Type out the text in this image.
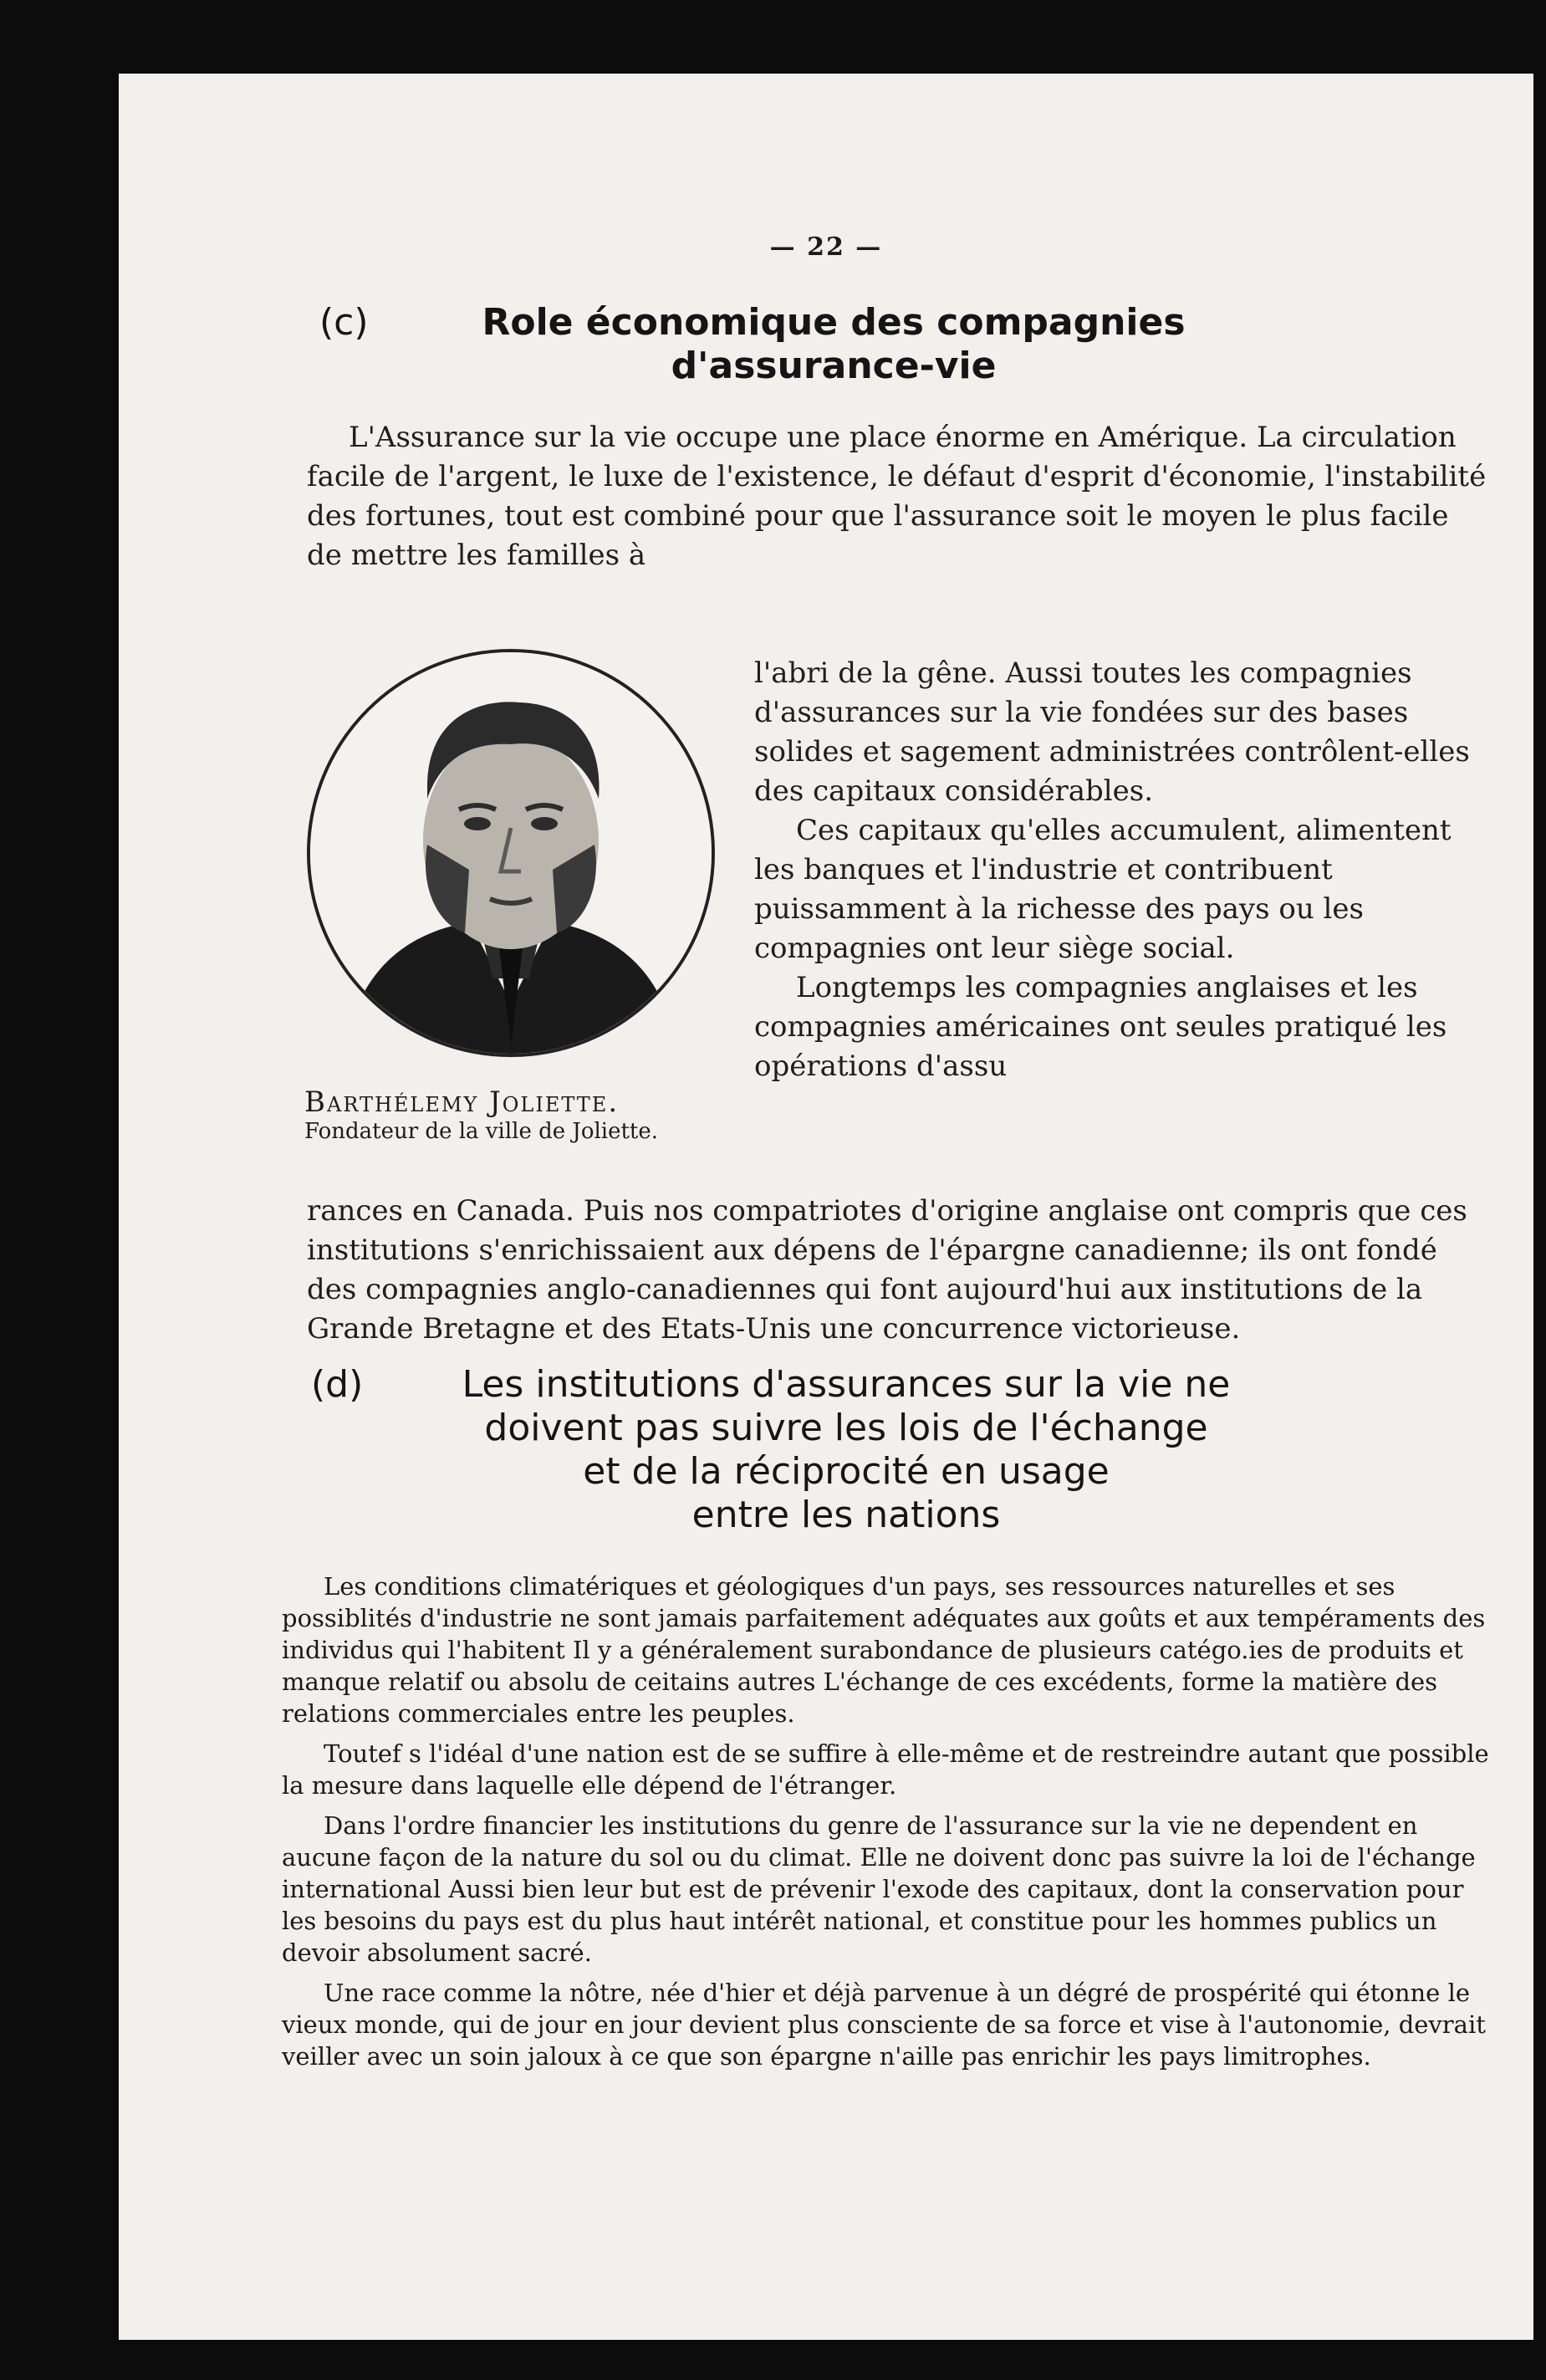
— 22 —
(c)	Role économique des compagnies
d'assurance-vie

L'Assurance sur la vie occupe une place énorme en Amérique. La circulation facile de l'argent, le luxe de l'existence, le défaut d'esprit d'économie, l'instabilité des fortunes, tout est combiné pour que l'assurance soit le moyen le plus facile de mettre les familles à

Barthélemy Joliette.
Fondateur de la ville de Joliette.

l'abri de la gêne. Aussi toutes les compagnies d'assurances sur la vie fondées sur des bases solides et sagement administrées contrôlent-elles des capitaux considérables.

Ces capitaux qu'elles accumulent, alimentent les banques et l'industrie et contribuent puissamment à la richesse des pays ou les compagnies ont leur siège social.

Longtemps les compagnies anglaises et les compagnies américaines ont seules pratiqué les opérations d'assu

rances en Canada. Puis nos compatriotes d'origine anglaise ont compris que ces institutions s'enrichissaient aux dépens de l'épargne canadienne; ils ont fondé des compagnies anglo-canadiennes qui font aujourd'hui aux institutions de la Grande Bretagne et des Etats-Unis une concurrence victorieuse.

(d)	Les institutions d'assurances sur la vie ne
doivent pas suivre les lois de l'échange
et de la réciprocité en usage
entre les nations

Les conditions climatériques et géologiques d'un pays, ses ressources naturelles et ses possiblités d'industrie ne sont jamais parfaitement adéquates aux goûts et aux tempéraments des individus qui l'habitent Il y a généralement surabondance de plusieurs catégo.ies de produits et manque relatif ou absolu de ceitains autres L'échange de ces excédents, forme la matière des relations commerciales entre les peuples.

Toutef s l'idéal d'une nation est de se suffire à elle-même et de restreindre autant que possible la mesure dans laquelle elle dépend de l'étranger.

Dans l'ordre financier les institutions du genre de l'assurance sur la vie ne dependent en aucune façon de la nature du sol ou du climat. Elle ne doivent donc pas suivre la loi de l'échange international Aussi bien leur but est de prévenir l'exode des capitaux, dont la conservation pour les besoins du pays est du plus haut intérêt national, et constitue pour les hommes publics un devoir absolument sacré.

Une race comme la nôtre, née d'hier et déjà parvenue à un dégré de prospérité qui étonne le vieux monde, qui de jour en jour devient plus consciente de sa force et vise à l'autonomie, devrait veiller avec un soin jaloux à ce que son épargne n'aille pas enrichir les pays limitrophes.
